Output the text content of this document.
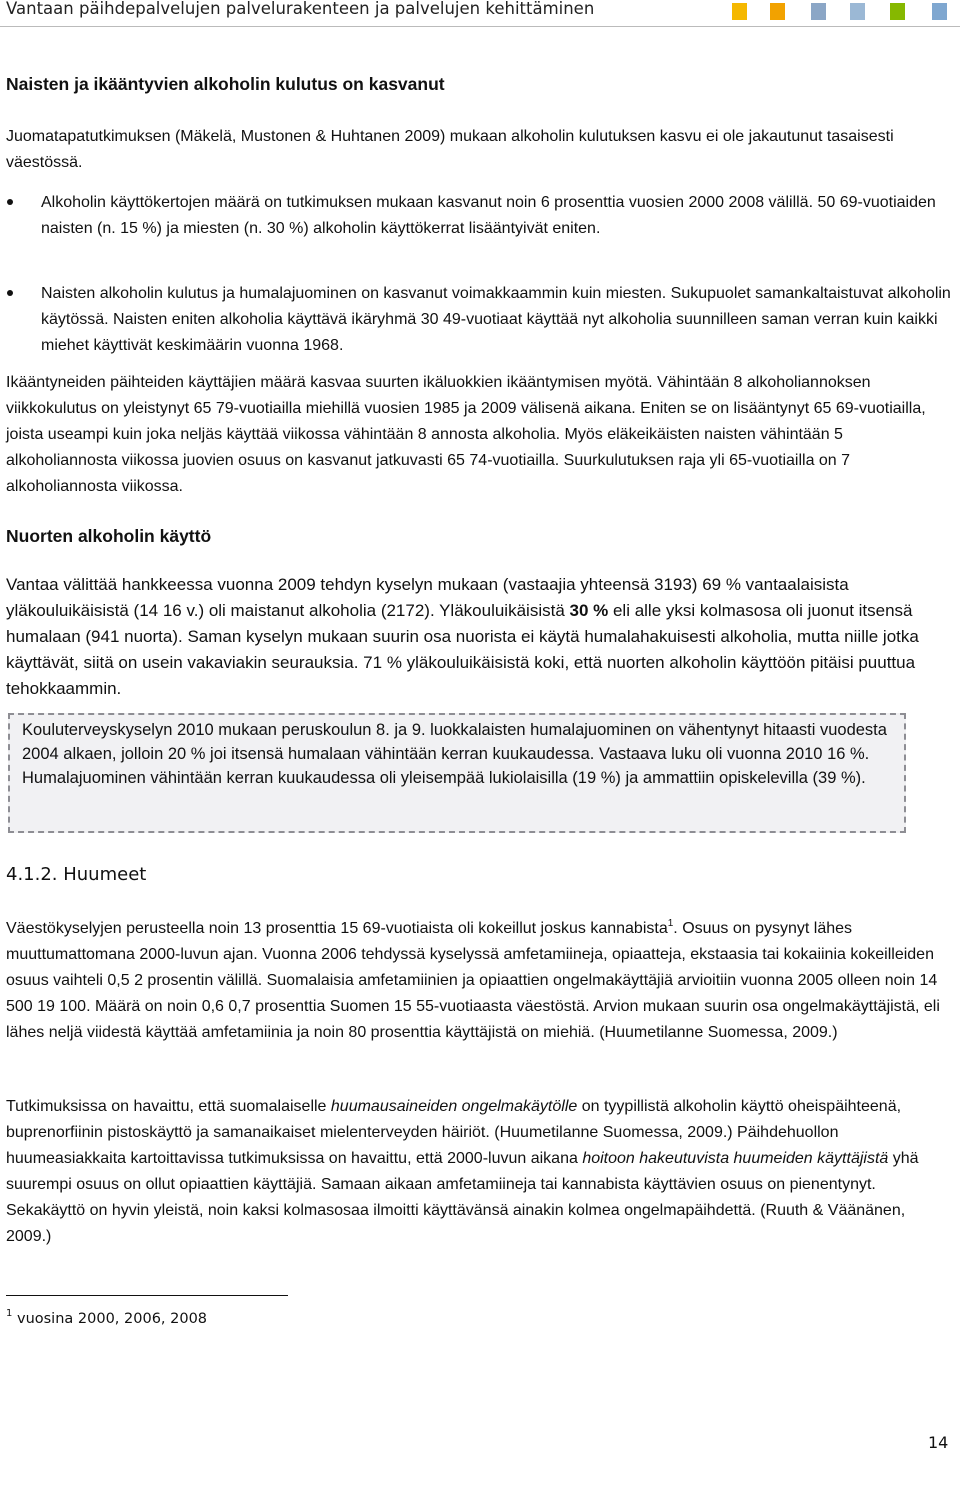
Vantaan päihdepalvelujen palvelurakenteen ja palvelujen kehittäminen
Naisten ja ikääntyvien alkoholin kulutus on kasvanut
Juomatapatutkimuksen (Mäkelä, Mustonen & Huhtanen 2009) mukaan alkoholin kulutuksen kasvu ei ole jakautunut tasaisesti väestössä.
Alkoholin käyttökertojen määrä on tutkimuksen mukaan kasvanut noin 6 prosenttia vuosien 2000 2008 välillä. 50 69-vuotiaiden naisten (n. 15 %) ja miesten (n. 30 %) alkoholin käyttökerrat lisääntyivät eniten.
Naisten alkoholin kulutus ja humalajuominen on kasvanut voimakkaammin kuin miesten. Sukupuolet samankaltaistuvat alkoholin käytössä. Naisten eniten alkoholia käyttävä ikäryhmä 30 49-vuotiaat käyttää nyt alkoholia suunnilleen saman verran kuin kaikki miehet käyttivät keskimäärin vuonna 1968.
Ikääntyneiden päihteiden käyttäjien määrä kasvaa suurten ikäluokkien ikääntymisen myötä. Vähintään 8 alkoholiannoksen viikkokulutus on yleistynyt 65 79-vuotiailla miehillä vuosien 1985 ja 2009 välisenä aikana. Eniten se on lisääntynyt 65 69-vuotiailla, joista useampi kuin joka neljäs käyttää viikossa vähintään 8 annosta alkoholia. Myös eläkeikäisten naisten vähintään 5 alkoholiannosta viikossa juovien osuus on kasvanut jatkuvasti 65 74-vuotiailla. Suurkulutuksen raja yli 65-vuotiailla on 7 alkoholiannosta viikossa.
Nuorten alkoholin käyttö
Vantaa välittää hankkeessa vuonna 2009 tehdyn kyselyn mukaan (vastaajia yhteensä 3193) 69 % vantaalaisista yläkouluikäisistä (14 16 v.) oli maistanut alkoholia (2172). Yläkouluikäisistä 30 % eli alle yksi kolmasosa oli juonut itsensä humalaan (941 nuorta). Saman kyselyn mukaan suurin osa nuorista ei käytä humalahakuisesti alkoholia, mutta niille jotka käyttävät, siitä on usein vakaviakin seurauksia. 71 % yläkouluikäisistä koki, että nuorten alkoholin käyttöön pitäisi puuttua tehokkaammin.
Kouluterveyskyselyn 2010 mukaan peruskoulun 8. ja 9. luokkalaisten humalajuominen on vähentynyt hitaasti vuodesta 2004 alkaen, jolloin 20 % joi itsensä humalaan vähintään kerran kuukaudessa. Vastaava luku oli vuonna 2010 16 %. Humalajuominen vähintään kerran kuukaudessa oli yleisempää lukiolaisilla (19 %) ja ammattiin opiskelevilla (39 %).
4.1.2. Huumeet
Väestökyselyjen perusteella noin 13 prosenttia 15 69-vuotiaista oli kokeillut joskus kannabista$^1$. Osuus on pysynyt lähes muuttumattomana 2000-luvun ajan. Vuonna 2006 tehdyssä kyselyssä amfetamiineja, opiaatteja, ekstaasia tai kokaiinia kokeilleiden osuus vaihteli 0,5 2 prosentin välillä. Suomalaisia amfetamiinien ja opiaattien ongelmakäyttäjiä arvioitiin vuonna 2005 olleen noin 14 500 19 100. Määrä on noin 0,6 0,7 prosenttia Suomen 15 55-vuotiaasta väestöstä. Arvion mukaan suurin osa ongelmakäyttäjistä, eli lähes neljä viidestä käyttää amfetamiinia ja noin 80 prosenttia käyttäjistä on miehiä. (Huumetilanne Suomessa, 2009.)
Tutkimuksissa on havaittu, että suomalaiselle huumausaineiden ongelmakäytölle on tyypillistä alkoholin käyttö oheispäihteenä, buprenorfiinin pistoskäyttö ja samanaikaiset mielenterveyden häiriöt. (Huumetilanne Suomessa, 2009.) Päihdehuollon huumeasiakkaita kartoittavissa tutkimuksissa on havaittu, että 2000-luvun aikana hoitoon hakeutuvista huumeiden käyttäjistä yhä suurempi osuus on ollut opiaattien käyttäjiä. Samaan aikaan amfetamiineja tai kannabista käyttävien osuus on pienentynyt. Sekakäyttö on hyvin yleistä, noin kaksi kolmasosaa ilmoitti käyttävänsä ainakin kolmea ongelmapäihdettä. (Ruuth & Väänänen, 2009.)
$^1$ vuosina 2000, 2006, 2008
14
